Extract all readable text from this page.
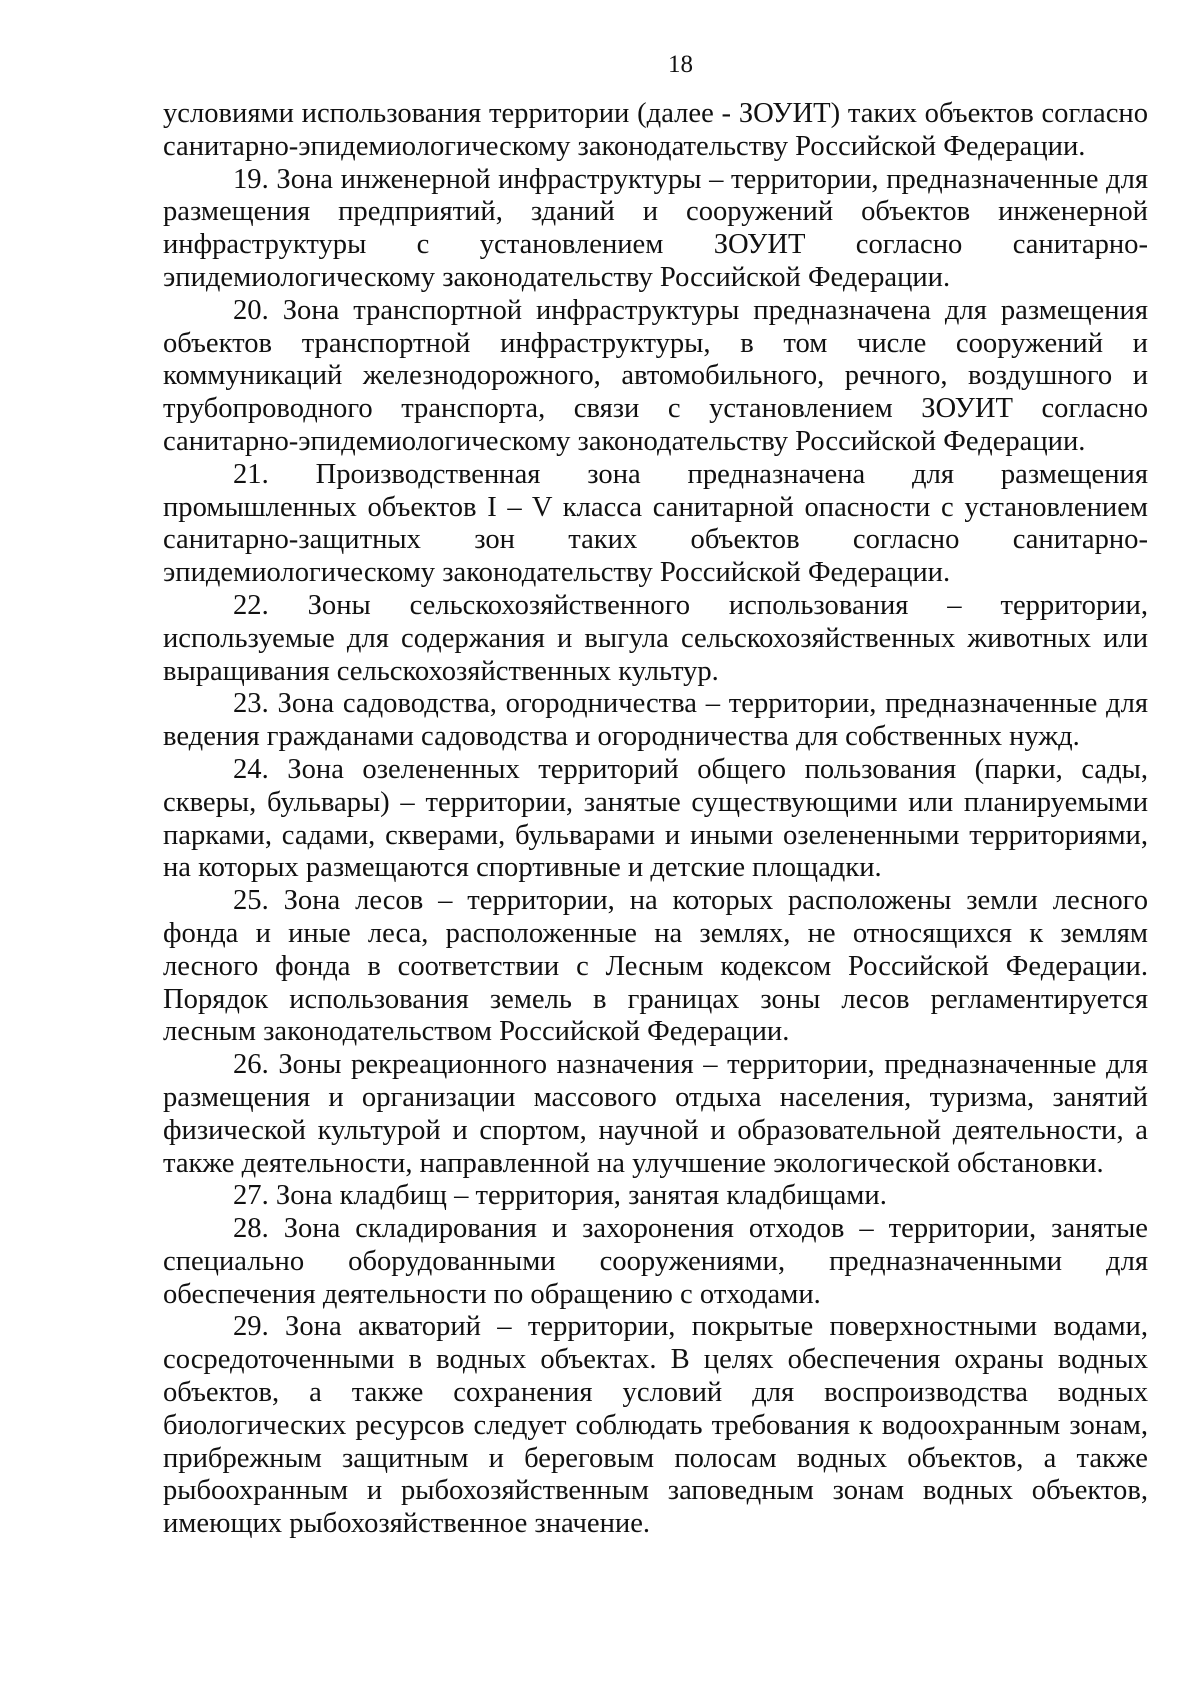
18

условиями использования территории (далее - ЗОУИТ) таких объектов согласно санитарно-эпидемиологическому законодательству Российской Федерации.

19. Зона инженерной инфраструктуры – территории, предназначенные для размещения предприятий, зданий и сооружений объектов инженерной инфраструктуры с установлением ЗОУИТ согласно санитарно-эпидемиологическому законодательству Российской Федерации.

20. Зона транспортной инфраструктуры предназначена для размещения объектов транспортной инфраструктуры, в том числе сооружений и коммуникаций железнодорожного, автомобильного, речного, воздушного и трубопроводного транспорта, связи с установлением ЗОУИТ согласно санитарно-эпидемиологическому законодательству Российской Федерации.

21. Производственная зона предназначена для размещения промышленных объектов I – V класса санитарной опасности с установлением санитарно-защитных зон таких объектов согласно санитарно-эпидемиологическому законодательству Российской Федерации.

22. Зоны сельскохозяйственного использования – территории, используемые для содержания и выгула сельскохозяйственных животных или выращивания сельскохозяйственных культур.

23. Зона садоводства, огородничества – территории, предназначенные для ведения гражданами садоводства и огородничества для собственных нужд.

24. Зона озелененных территорий общего пользования (парки, сады, скверы, бульвары) – территории, занятые существующими или планируемыми парками, садами, скверами, бульварами и иными озелененными территориями, на которых размещаются спортивные и детские площадки.

25. Зона лесов – территории, на которых расположены земли лесного фонда и иные леса, расположенные на землях, не относящихся к землям лесного фонда в соответствии с Лесным кодексом Российской Федерации. Порядок использования земель в границах зоны лесов регламентируется лесным законодательством Российской Федерации.

26. Зоны рекреационного назначения – территории, предназначенные для размещения и организации массового отдыха населения, туризма, занятий физической культурой и спортом, научной и образовательной деятельности, а также деятельности, направленной на улучшение экологической обстановки.

27. Зона кладбищ – территория, занятая кладбищами.

28. Зона складирования и захоронения отходов – территории, занятые специально оборудованными сооружениями, предназначенными для обеспечения деятельности по обращению с отходами.

29. Зона акваторий – территории, покрытые поверхностными водами, сосредоточенными в водных объектах. В целях обеспечения охраны водных объектов, а также сохранения условий для воспроизводства водных биологических ресурсов следует соблюдать требования к водоохранным зонам, прибрежным защитным и береговым полосам водных объектов, а также рыбоохранным и рыбохозяйственным заповедным зонам водных объектов, имеющих рыбохозяйственное значение.
